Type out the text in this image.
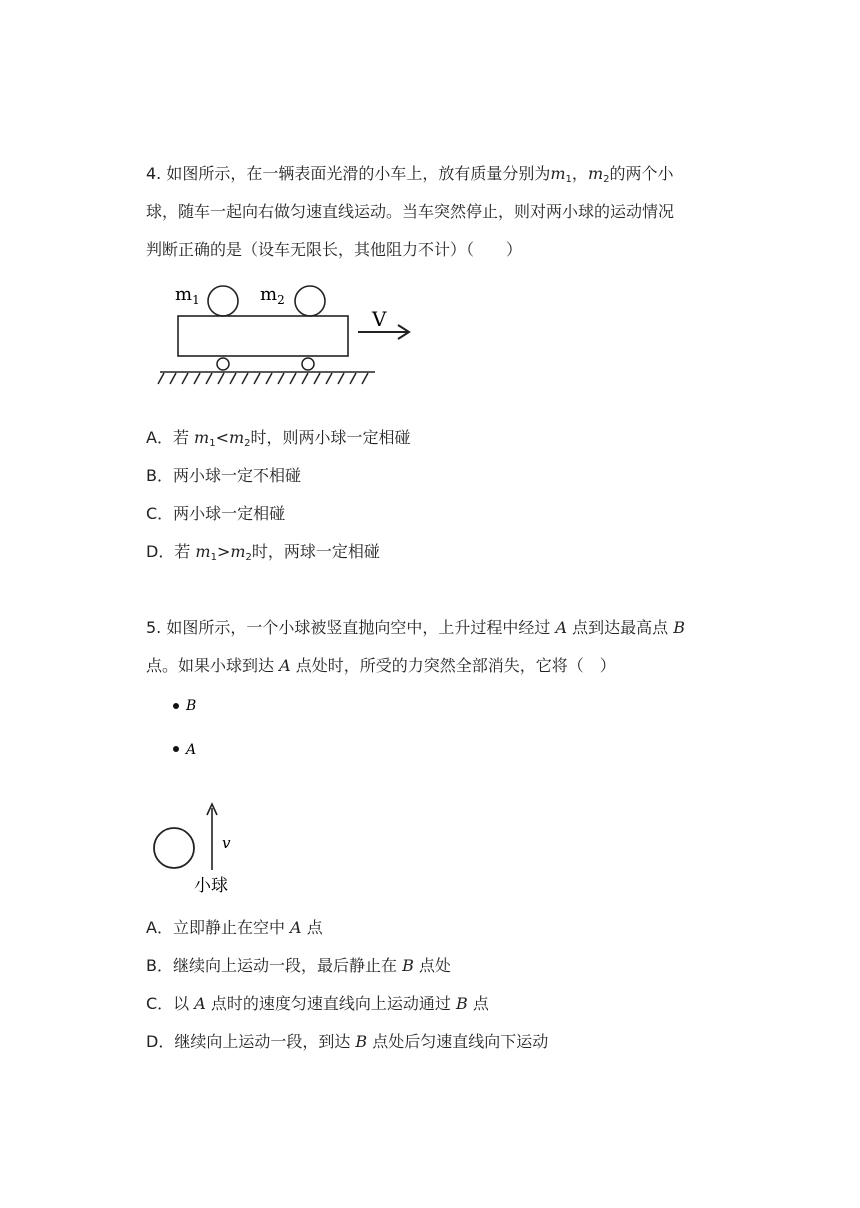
4. 如图所示，在一辆表面光滑的小车上，放有质量分别为$m_1$，$m_2$的两个小
球，随车一起向右做匀速直线运动。当车突然停止，则对两小球的运动情况
判断正确的是（设车无限长，其他阻力不计）（　　）
$m_1$	$m_2$
V
A．若 $m_1<m_2$时，则两小球一定相碰
B．两小球一定不相碰
C．两小球一定相碰
D．若 $m_1>m_2$时，两球一定相碰
5. 如图所示，一个小球被竖直抛向空中，上升过程中经过 A 点到达最高点 B
点。如果小球到达 A 点处时，所受的力突然全部消失，它将（　）
B
A
v
小球
A．立即静止在空中 A 点
B．继续向上运动一段，最后静止在 B 点处
C．以 A 点时的速度匀速直线向上运动通过 B 点
D．继续向上运动一段，到达 B 点处后匀速直线向下运动
